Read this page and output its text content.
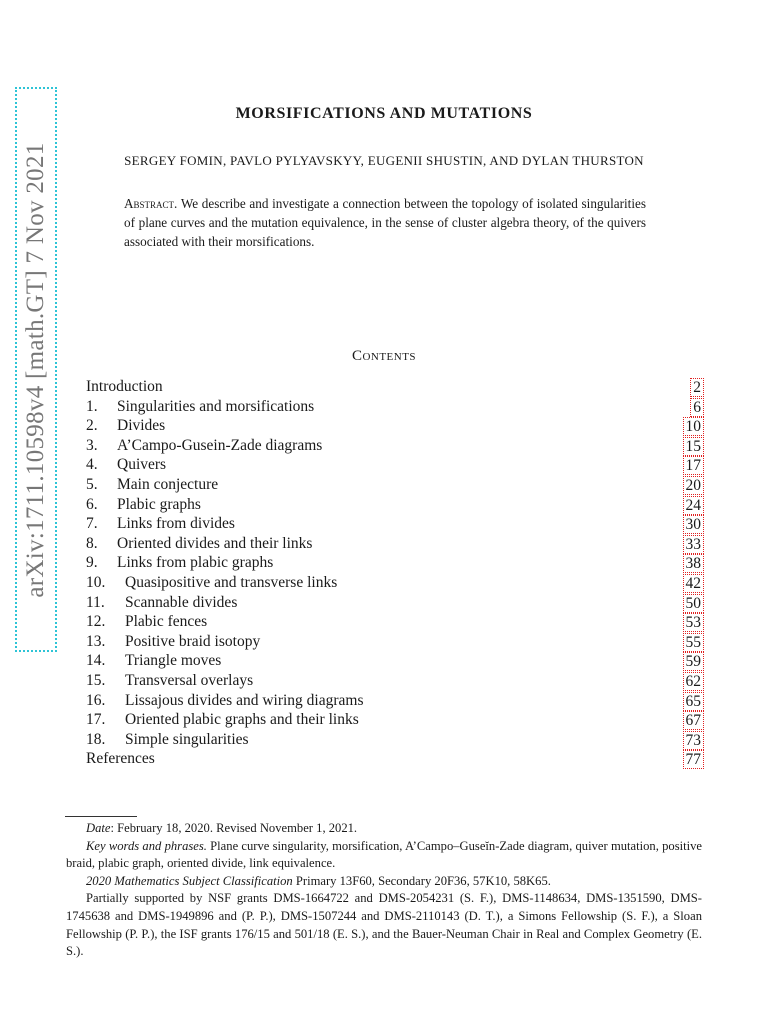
arXiv:1711.10598v4 [math.GT] 7 Nov 2021
MORSIFICATIONS AND MUTATIONS
SERGEY FOMIN, PAVLO PYLYAVSKYY, EUGENII SHUSTIN, AND DYLAN THURSTON
Abstract. We describe and investigate a connection between the topology of isolated singularities of plane curves and the mutation equivalence, in the sense of cluster algebra theory, of the quivers associated with their morsifications.
Contents
Introduction	2
1. Singularities and morsifications	6
2. Divides	10
3. A’Campo-Gusein-Zade diagrams	15
4. Quivers	17
5. Main conjecture	20
6. Plabic graphs	24
7. Links from divides	30
8. Oriented divides and their links	33
9. Links from plabic graphs	38
10. Quasipositive and transverse links	42
11. Scannable divides	50
12. Plabic fences	53
13. Positive braid isotopy	55
14. Triangle moves	59
15. Transversal overlays	62
16. Lissajous divides and wiring diagrams	65
17. Oriented plabic graphs and their links	67
18. Simple singularities	73
References	77

Date: February 18, 2020. Revised November 1, 2021.

Key words and phrases. Plane curve singularity, morsification, A’Campo–Guseĭn-Zade diagram, quiver mutation, positive braid, plabic graph, oriented divide, link equivalence.

2020 Mathematics Subject Classification Primary 13F60, Secondary 20F36, 57K10, 58K65.

Partially supported by NSF grants DMS-1664722 and DMS-2054231 (S. F.), DMS-1148634, DMS-1351590, DMS-1745638 and DMS-1949896 and (P. P.), DMS-1507244 and DMS-2110143 (D. T.), a Simons Fellowship (S. F.), a Sloan Fellowship (P. P.), the ISF grants 176/15 and 501/18 (E. S.), and the Bauer-Neuman Chair in Real and Complex Geometry (E. S.).
